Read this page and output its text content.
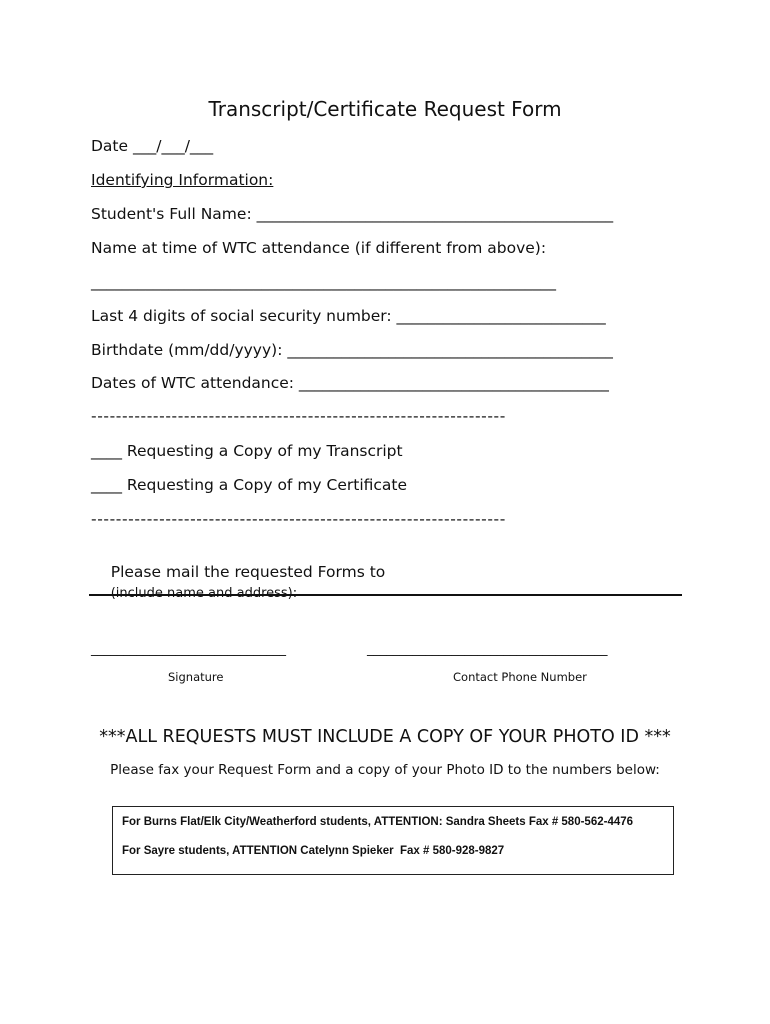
Transcript/Certificate Request Form
Date ___/___/___
Identifying Information:
Student's Full Name: ______________________________________________
Name at time of WTC attendance (if different from above):
____________________________________________________________
Last 4 digits of social security number: ___________________________
Birthdate (mm/dd/yyyy): __________________________________________
Dates of WTC attendance: ________________________________________
-------------------------------------------------------------------
____ Requesting a Copy of my Transcript
____ Requesting a Copy of my Certificate
-------------------------------------------------------------------

Please mail the requested Forms to

______________________________	_____________________________________
Signature	Contact Phone Number
***ALL REQUESTS MUST INCLUDE A COPY OF YOUR PHOTO ID ***
Please fax your Request Form and a copy of your Photo ID to the numbers below:
For Burns Flat/Elk City/Weatherford students, ATTENTION: Sandra Sheets Fax # 580-562-4476
For Sayre students, ATTENTION Catelynn Spieker  Fax # 580-928-9827
